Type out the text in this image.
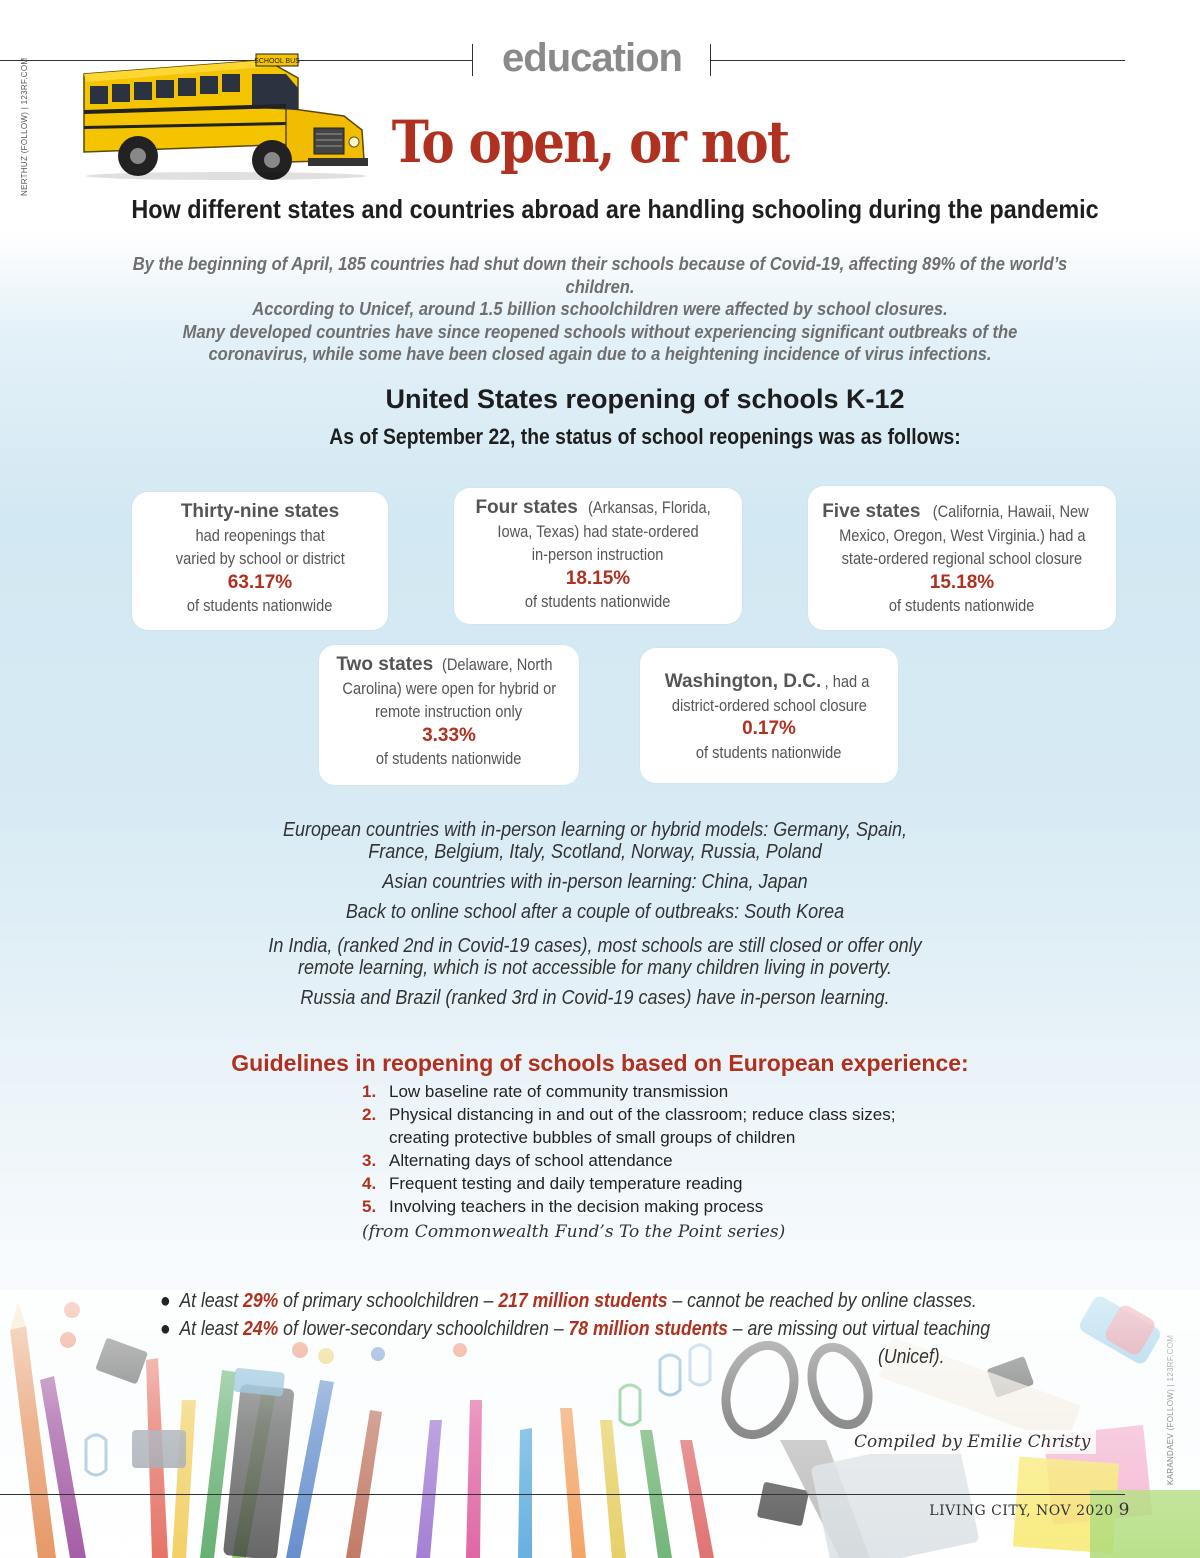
education
NERTHUZ (FOLLOW) | 123RF.COM	SCHOOL BUS
To open, or not
How different states and countries abroad are handling schooling during the pandemic
By the beginning of April, 185 countries had shut down their schools because of Covid-19, affecting 89% of the world’s children.
According to Unicef, around 1.5 billion schoolchildren were affected by school closures.
Many developed countries have since reopened schools without experiencing significant outbreaks of the
coronavirus, while some have been closed again due to a heightening incidence of virus infections.
United States reopening of schools K-12
As of September 22, the status of school reopenings was as follows:
Thirty-nine states
had reopenings that
varied by school or district
63.17%
of students nationwide
Four states(Arkansas, Florida,
Iowa, Texas) had state-ordered
in-person instruction
18.15%
of students nationwide
Five states(California, Hawaii, New
Mexico, Oregon, West Virginia.) had a
state-ordered regional school closure
15.18%
of students nationwide
Two states(Delaware, North
Carolina) were open for hybrid or
remote instruction only
3.33%
of students nationwide
Washington, D.C. , had a
district-ordered school closure
0.17%
of students nationwide
European countries with in-person learning or hybrid models: Germany, Spain,
France, Belgium, Italy, Scotland, Norway, Russia, Poland
Asian countries with in-person learning: China, Japan
Back to online school after a couple of outbreaks: South Korea
In India, (ranked 2nd in Covid-19 cases), most schools are still closed or offer only
remote learning, which is not accessible for many children living in poverty.
Russia and Brazil (ranked 3rd in Covid-19 cases) have in-person learning.
Guidelines in reopening of schools based on European experience:
1. Low baseline rate of community transmission
2. Physical distancing in and out of the classroom; reduce class sizes;
creating protective bubbles of small groups of children
3. Alternating days of school attendance
4. Frequent testing and daily temperature reading
5. Involving teachers in the decision making process
(from Commonwealth Fund’s To the Point series)
● At least 29% of primary schoolchildren – 217 million students – cannot be reached by online classes.
● At least 24% of lower-secondary schoolchildren – 78 million students – are missing out virtual teaching
(Unicef).
Compiled by Emilie Christy
LIVING CITY, NOV 2020 9
